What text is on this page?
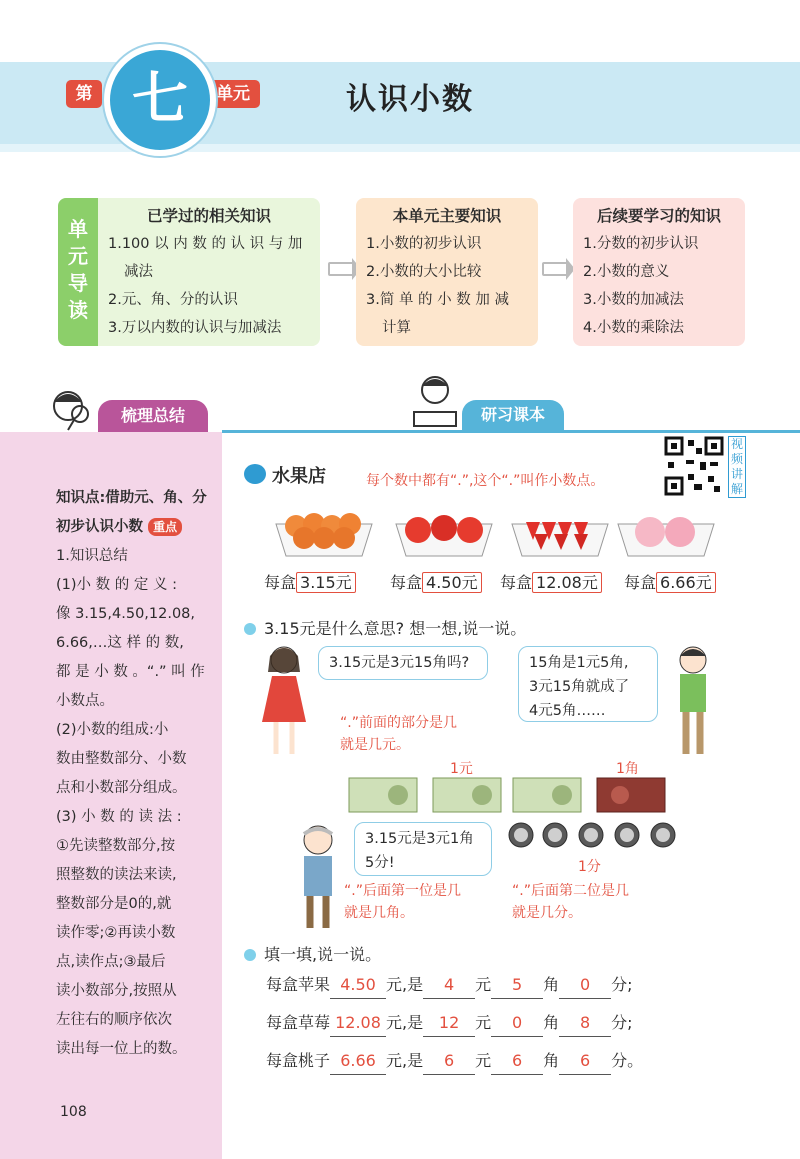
第	单元
七	认识小数
单
元
导
读
已学过的相关知识
1.100 以 内 数 的 认 识 与 加
减法
2.元、角、分的认识
3.万以内数的认识与加减法
本单元主要知识
1.小数的初步认识
2.小数的大小比较
3.简 单 的 小 数 加 减
计算
后续要学习的知识
1.分数的初步认识
2.小数的意义
3.小数的加减法
4.小数的乘除法
梳理总结

知识点:借助元、角、分

初步认识小数 重点

1.知识总结

(1)小 数 的 定 义 :

像 3.15,4.50,12.08,

6.66,…这 样 的 数,

都 是 小 数 。“.” 叫 作

小数点。

(2)小数的组成:小

数由整数部分、小数

点和小数部分组成。

(3) 小 数 的 读 法 :

①先读整数部分,按

照整数的读法来读,

整数部分是0的,就

读作零;②再读小数

点,读作点;③最后

读小数部分,按照从

左往右的顺序依次

读出每一位上的数。

108
研习课本
视
频
讲
解
水果店	每个数中都有“.”,这个“.”叫作小数点。
每盒 3.15元 每盒 4.50元 每盒 12.08元 每盒 6.66元
3.15元是什么意思? 想一想,说一说。
3.15元是3元15角吗?	15角是1元5角,
3元15角就成了
4元5角……
“.”前面的部分是几
就是几元。
1元	1角
1分
3.15元是3元1角
5分!
“.”后面第一位是几
就是几角。
“.”后面第二位是几
就是几分。
填一填,说一说。
每盒苹果 4.50 元,是 4 元 5 角 0 分;
每盒草莓 12.08 元,是 12 元 0 角 8 分;
每盒桃子 6.66 元,是 6 元 6 角 6 分。
